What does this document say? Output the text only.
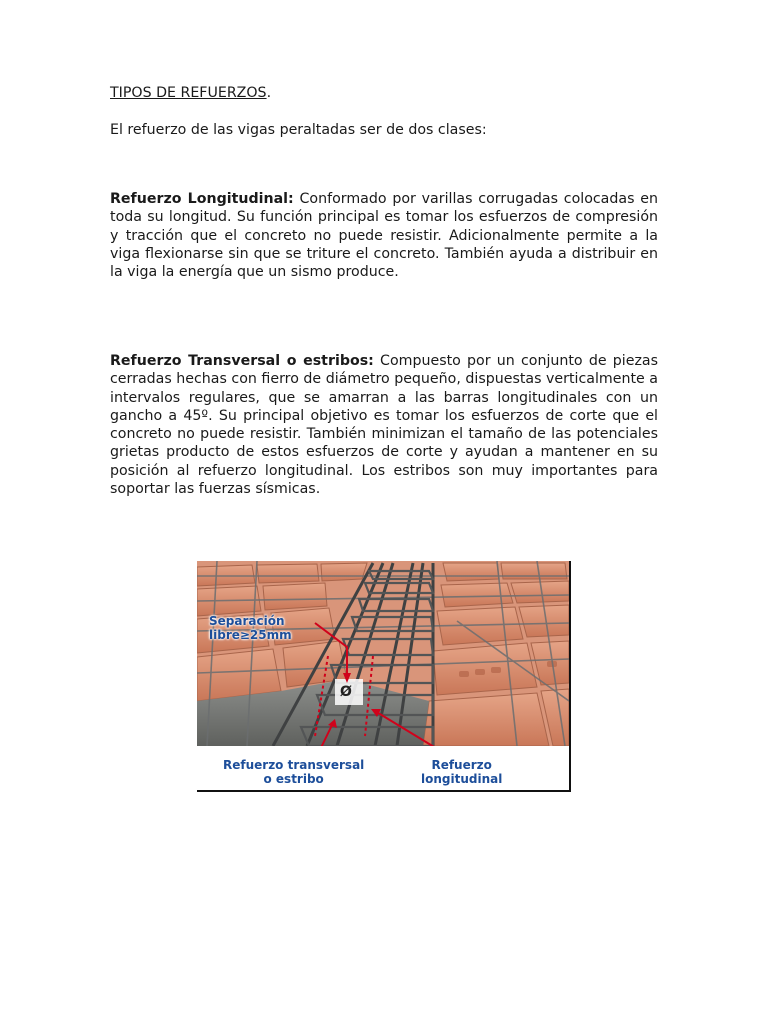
TIPOS DE REFUERZOS.

El refuerzo de las vigas peraltadas ser de dos clases:

Refuerzo Longitudinal: Conformado por varillas corrugadas colocadas en toda su longitud. Su función principal es tomar los esfuerzos de compresión y tracción que el concreto no puede resistir. Adicionalmente permite a la viga flexionarse sin que se triture el concreto. También ayuda a distribuir en la viga la energía que un sismo produce.

Refuerzo Transversal o estribos: Compuesto por un conjunto de piezas cerradas hechas con fierro de diámetro pequeño, dispuestas verticalmente a intervalos regulares, que se amarran a las barras longitudinales con un gancho a 45º. Su principal objetivo es tomar los esfuerzos de corte que el concreto no puede resistir. También minimizan el tamaño de las potenciales grietas producto de estos esfuerzos de corte y ayudan a mantener en su posición al refuerzo longitudinal. Los estribos son muy importantes para soportar las fuerzas sísmicas.

Separación
libre≥25mm
Ø
Refuerzo transversal
o estribo
Refuerzo
longitudinal
